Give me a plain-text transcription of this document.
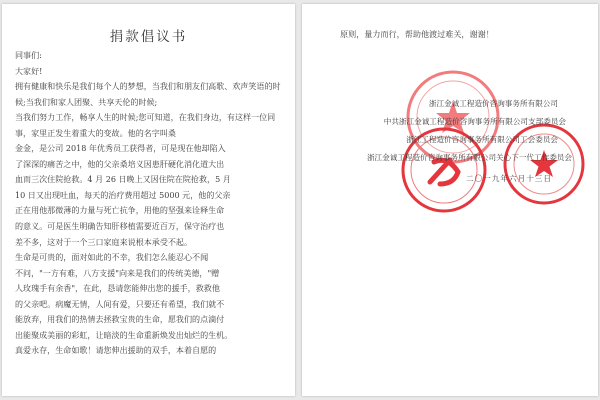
捐款倡议书
同事们:
大家好!
拥有健康和快乐是我们每个人的梦想，当我们和朋友们高歌、欢声笑语的时候;当我们和家人团聚、共享天伦的时候;
当我们努力工作，畅享人生的时候;您可知道，在我们身边，有这样一位同事，家里正发生着重大的变故。他的名字叫桑
金金，是公司 2018 年优秀员工获得者，可是现在他却陷入
了深深的痛苦之中，他的父亲桑培义因患肝硬化消化道大出
血而三次住院抢救。4 月 26 日晚上又因住院在院抢救，5 月
10 日又出现吐血，每天的治疗费用超过 5000 元，他的父亲
正在用他那微薄的力量与死亡抗争，用他的坚强来诠释生命
的意义。可是医生明确告知肝移植需要近百万，保守治疗也
差不多，这对于一个三口家庭来说根本承受不起。
生命是可贵的，面对如此的不幸，我们怎么能忍心不闻
不问，"一方有难，八方支援"向来是我们的传统美德，"赠
人玫瑰手有余香"，在此，恳请您能伸出您的援手，救救他
的父亲吧。病魔无情，人间有爱，只要还有希望，我们就不
能放弃，用我们的热情去拯救宝贵的生命，愿我们的点滴付
出能聚成美丽的彩虹，让暗淡的生命重新焕发出灿烂的生机。
真爱永存，生命如歌！请您伸出援助的双手，本着自愿的
原则，量力而行，帮助他渡过难关，谢谢！
浙江金诚工程造价咨询事务所有限公司
中共浙江金诚工程造价咨询事务所有限公司支部委员会
浙江工程造价咨询事务所有限公司工会委员会
浙江金诚工程造价咨询事务所有限公司关心下一代工作委员会
二〇一九年六月十三日
